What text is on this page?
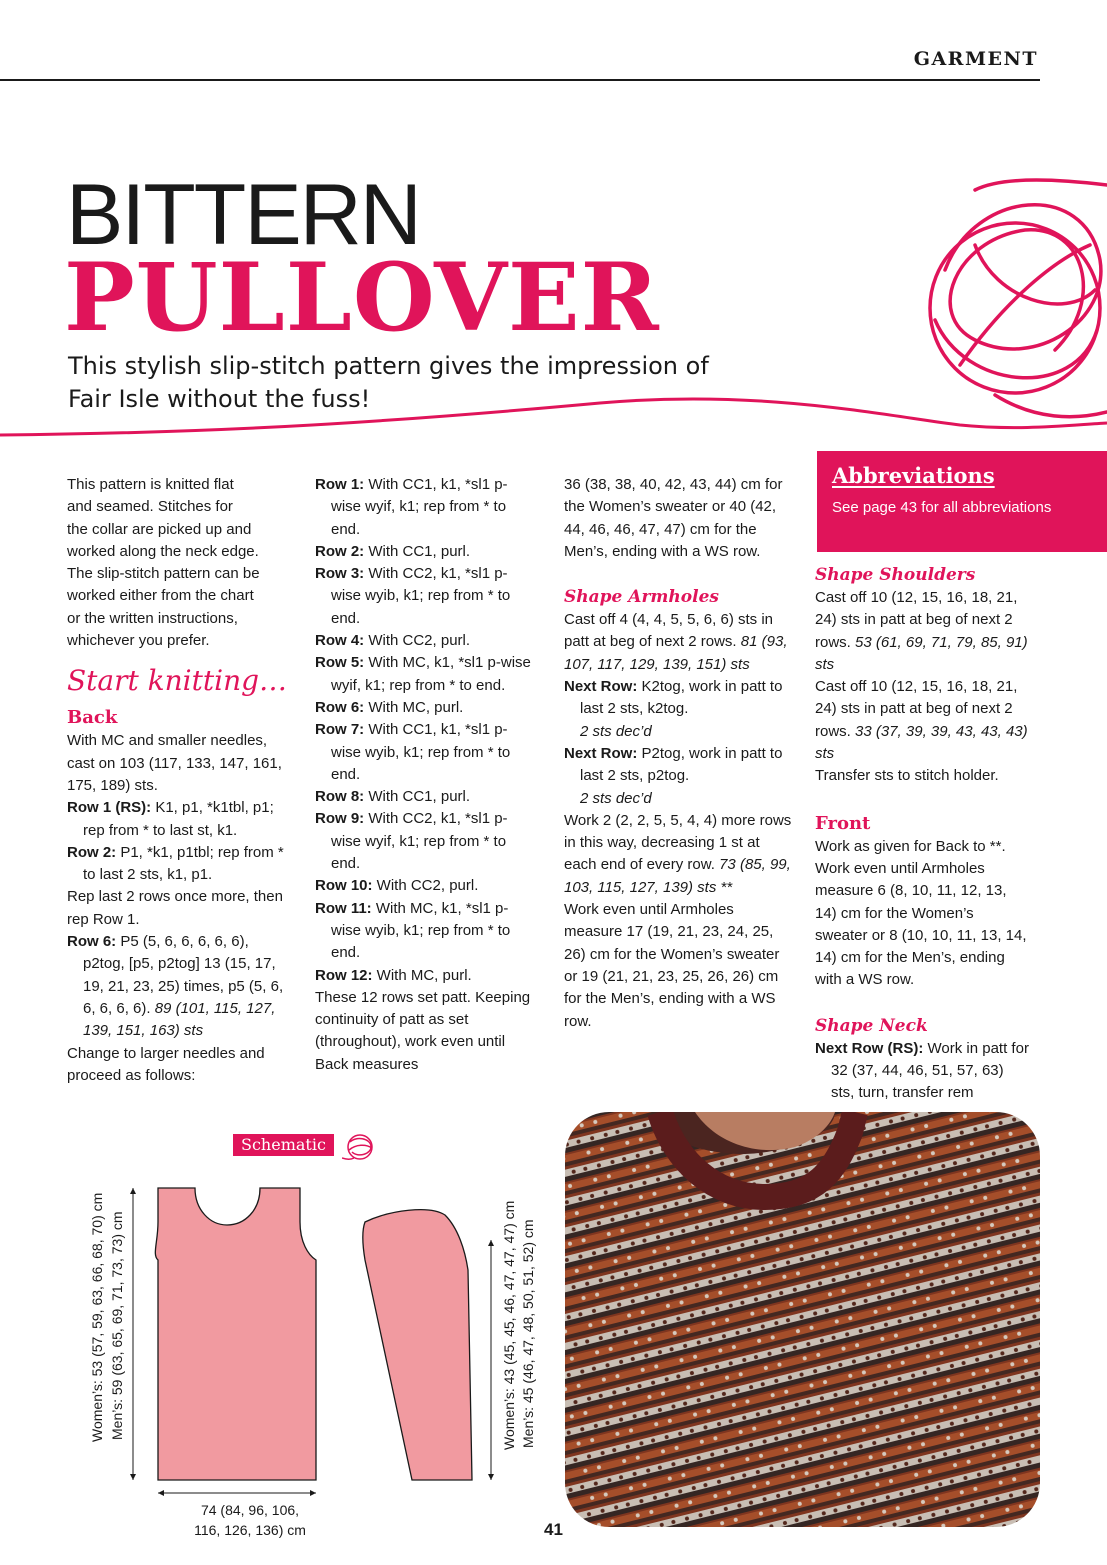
GARMENT
BITTERN
PULLOVER
This stylish slip-stitch pattern gives the impression of
Fair Isle without the fuss!

This pattern is knitted flat

and seamed. Stitches for

the collar are picked up and

worked along the neck edge.

The slip-stitch pattern can be

worked either from the chart

or the written instructions,

whichever you prefer.

Start knitting…
Back

With MC and smaller needles, cast on 103 (117, 133, 147, 161, 175, 189) sts.

Row 1 (RS): K1, p1, *k1tbl, p1; rep from * to last st, k1.

Row 2: P1, *k1, p1tbl; rep from * to last 2 sts, k1, p1.

Rep last 2 rows once more, then rep Row 1.

Row 6: P5 (5, 6, 6, 6, 6, 6), p2tog, [p5, p2tog] 13 (15, 17, 19, 21, 23, 25) times, p5 (5, 6, 6, 6, 6, 6). 89 (101, 115, 127, 139, 151, 163) sts

Change to larger needles and proceed as follows:

Row 1: With CC1, k1, *sl1 p-wise wyif, k1; rep from * to end.

Row 2: With CC1, purl.

Row 3: With CC2, k1, *sl1 p-wise wyib, k1; rep from * to end.

Row 4: With CC2, purl.

Row 5: With MC, k1, *sl1 p-wise wyif, k1; rep from * to end.

Row 6: With MC, purl.

Row 7: With CC1, k1, *sl1 p-wise wyib, k1; rep from * to end.

Row 8: With CC1, purl.

Row 9: With CC2, k1, *sl1 p-wise wyif, k1; rep from * to end.

Row 10: With CC2, purl.

Row 11: With MC, k1, *sl1 p-wise wyib, k1; rep from * to end.

Row 12: With MC, purl.

These 12 rows set patt. Keeping continuity of patt as set (throughout), work even until Back measures

36 (38, 38, 40, 42, 43, 44) cm for the Women’s sweater or 40 (42, 44, 46, 46, 47, 47) cm for the Men’s, ending with a WS row.

Shape Armholes

Cast off 4 (4, 4, 5, 5, 6, 6) sts in patt at beg of next 2 rows. 81 (93, 107, 117, 129, 139, 151) sts

Next Row: K2tog, work in patt to last 2 sts, k2tog.
2 sts dec’d

Next Row: P2tog, work in patt to last 2 sts, p2tog.
2 sts dec’d

Work 2 (2, 2, 5, 5, 4, 4) more rows in this way, decreasing 1 st at each end of every row. 73 (85, 99, 103, 115, 127, 139) sts **

Work even until Armholes measure 17 (19, 21, 23, 24, 25, 26) cm for the Women’s sweater or 19 (21, 21, 23, 25, 26, 26) cm for the Men’s, ending with a WS row.

Abbreviations
See page 43 for all abbreviations
Shape Shoulders

Cast off 10 (12, 15, 16, 18, 21, 24) sts in patt at beg of next 2 rows. 53 (61, 69, 71, 79, 85, 91) sts

Cast off 10 (12, 15, 16, 18, 21, 24) sts in patt at beg of next 2 rows. 33 (37, 39, 39, 43, 43, 43) sts

Transfer sts to stitch holder.

Front

Work as given for Back to **. Work even until Armholes measure 6 (8, 10, 11, 12, 13, 14) cm for the Women’s sweater or 8 (10, 10, 11, 13, 14, 14) cm for the Men’s, ending with a WS row.

Shape Neck

Next Row (RS): Work in patt for 32 (37, 44, 46, 51, 57, 63) sts, turn, transfer rem

Schematic
Women’s: 53 (57, 59, 63, 66, 68, 70) cm Men’s: 59 (63, 65, 69, 71, 73, 73) cm
74 (84, 96, 106,
116, 126, 136) cm
Women’s: 43 (45, 45, 46, 47, 47, 47) cm Men’s: 45 (46, 47, 48, 50, 51, 52) cm
41
